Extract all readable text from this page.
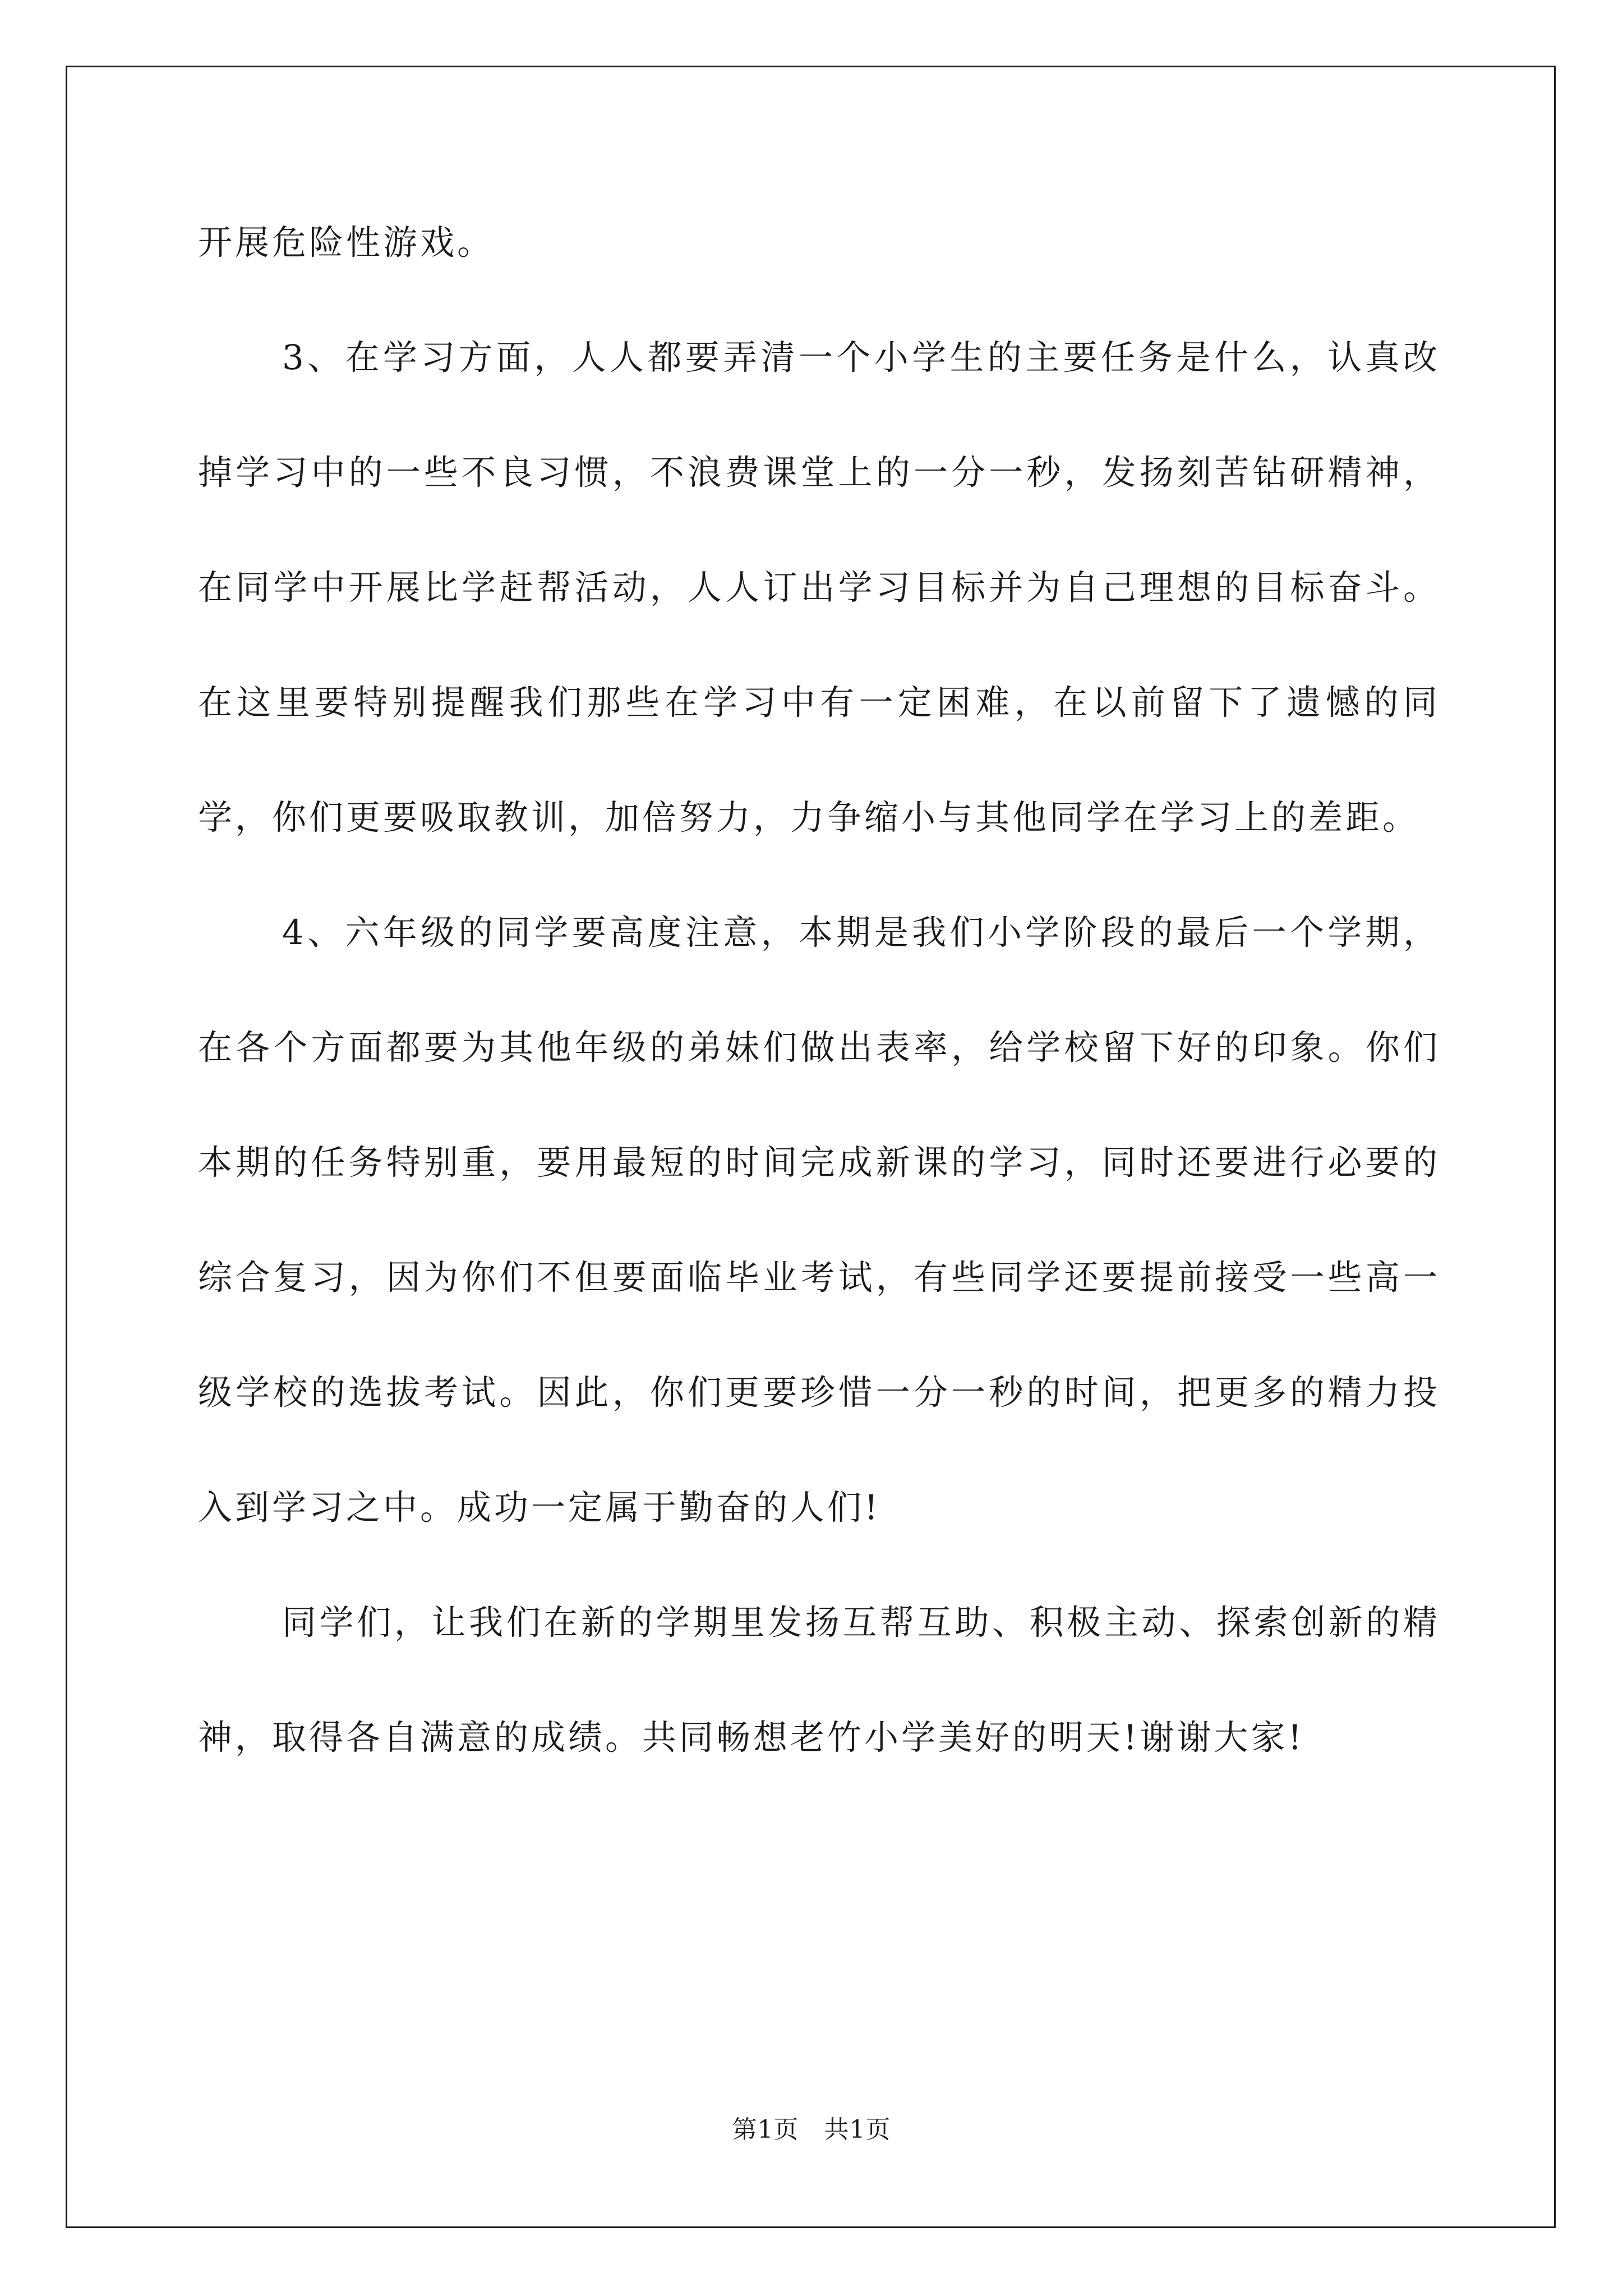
开展危险性游戏。

3、在学习方面，人人都要弄清一个小学生的主要任务是什么，认真改掉学习中的一些不良习惯，不浪费课堂上的一分一秒，发扬刻苦钻研精神，在同学中开展比学赶帮活动，人人订出学习目标并为自己理想的目标奋斗。在这里要特别提醒我们那些在学习中有一定困难，在以前留下了遗憾的同学，你们更要吸取教训，加倍努力，力争缩小与其他同学在学习上的差距。

4、六年级的同学要高度注意，本期是我们小学阶段的最后一个学期，在各个方面都要为其他年级的弟妹们做出表率，给学校留下好的印象。你们本期的任务特别重，要用最短的时间完成新课的学习，同时还要进行必要的综合复习，因为你们不但要面临毕业考试，有些同学还要提前接受一些高一级学校的选拔考试。因此，你们更要珍惜一分一秒的时间，把更多的精力投入到学习之中。成功一定属于勤奋的人们!

同学们，让我们在新的学期里发扬互帮互助、积极主动、探索创新的精神，取得各自满意的成绩。共同畅想老竹小学美好的明天!谢谢大家!

第1页　共1页
